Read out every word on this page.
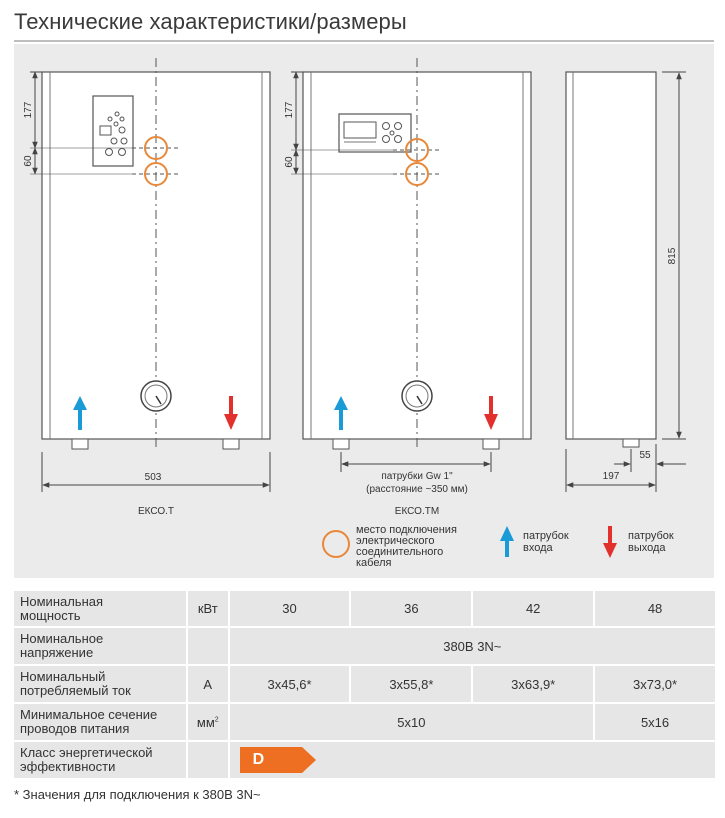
Технические характеристики/размеры
177
60
503
ЕКСО.Т
177
60
патрубки Gw 1"
(расстояние ~350 мм)
ЕКСО.ТМ
815
55
197
место подключения
электрического
соединительного
кабеля
патрубок
входа
патрубок
выхода
Номинальная
мощность	кВт	30	36	42	48
Номинальное
напряжение		380В 3N~			
Номинальный
потребляемый ток	А	3x45,6*	3x55,8*	3x63,9*	3x73,0*
Минимальное сечение
проводов питания	$мм^2$	5x10			5x16
Класс энергетической
эффективности		D			
* Значения для подключения к 380В 3N~
